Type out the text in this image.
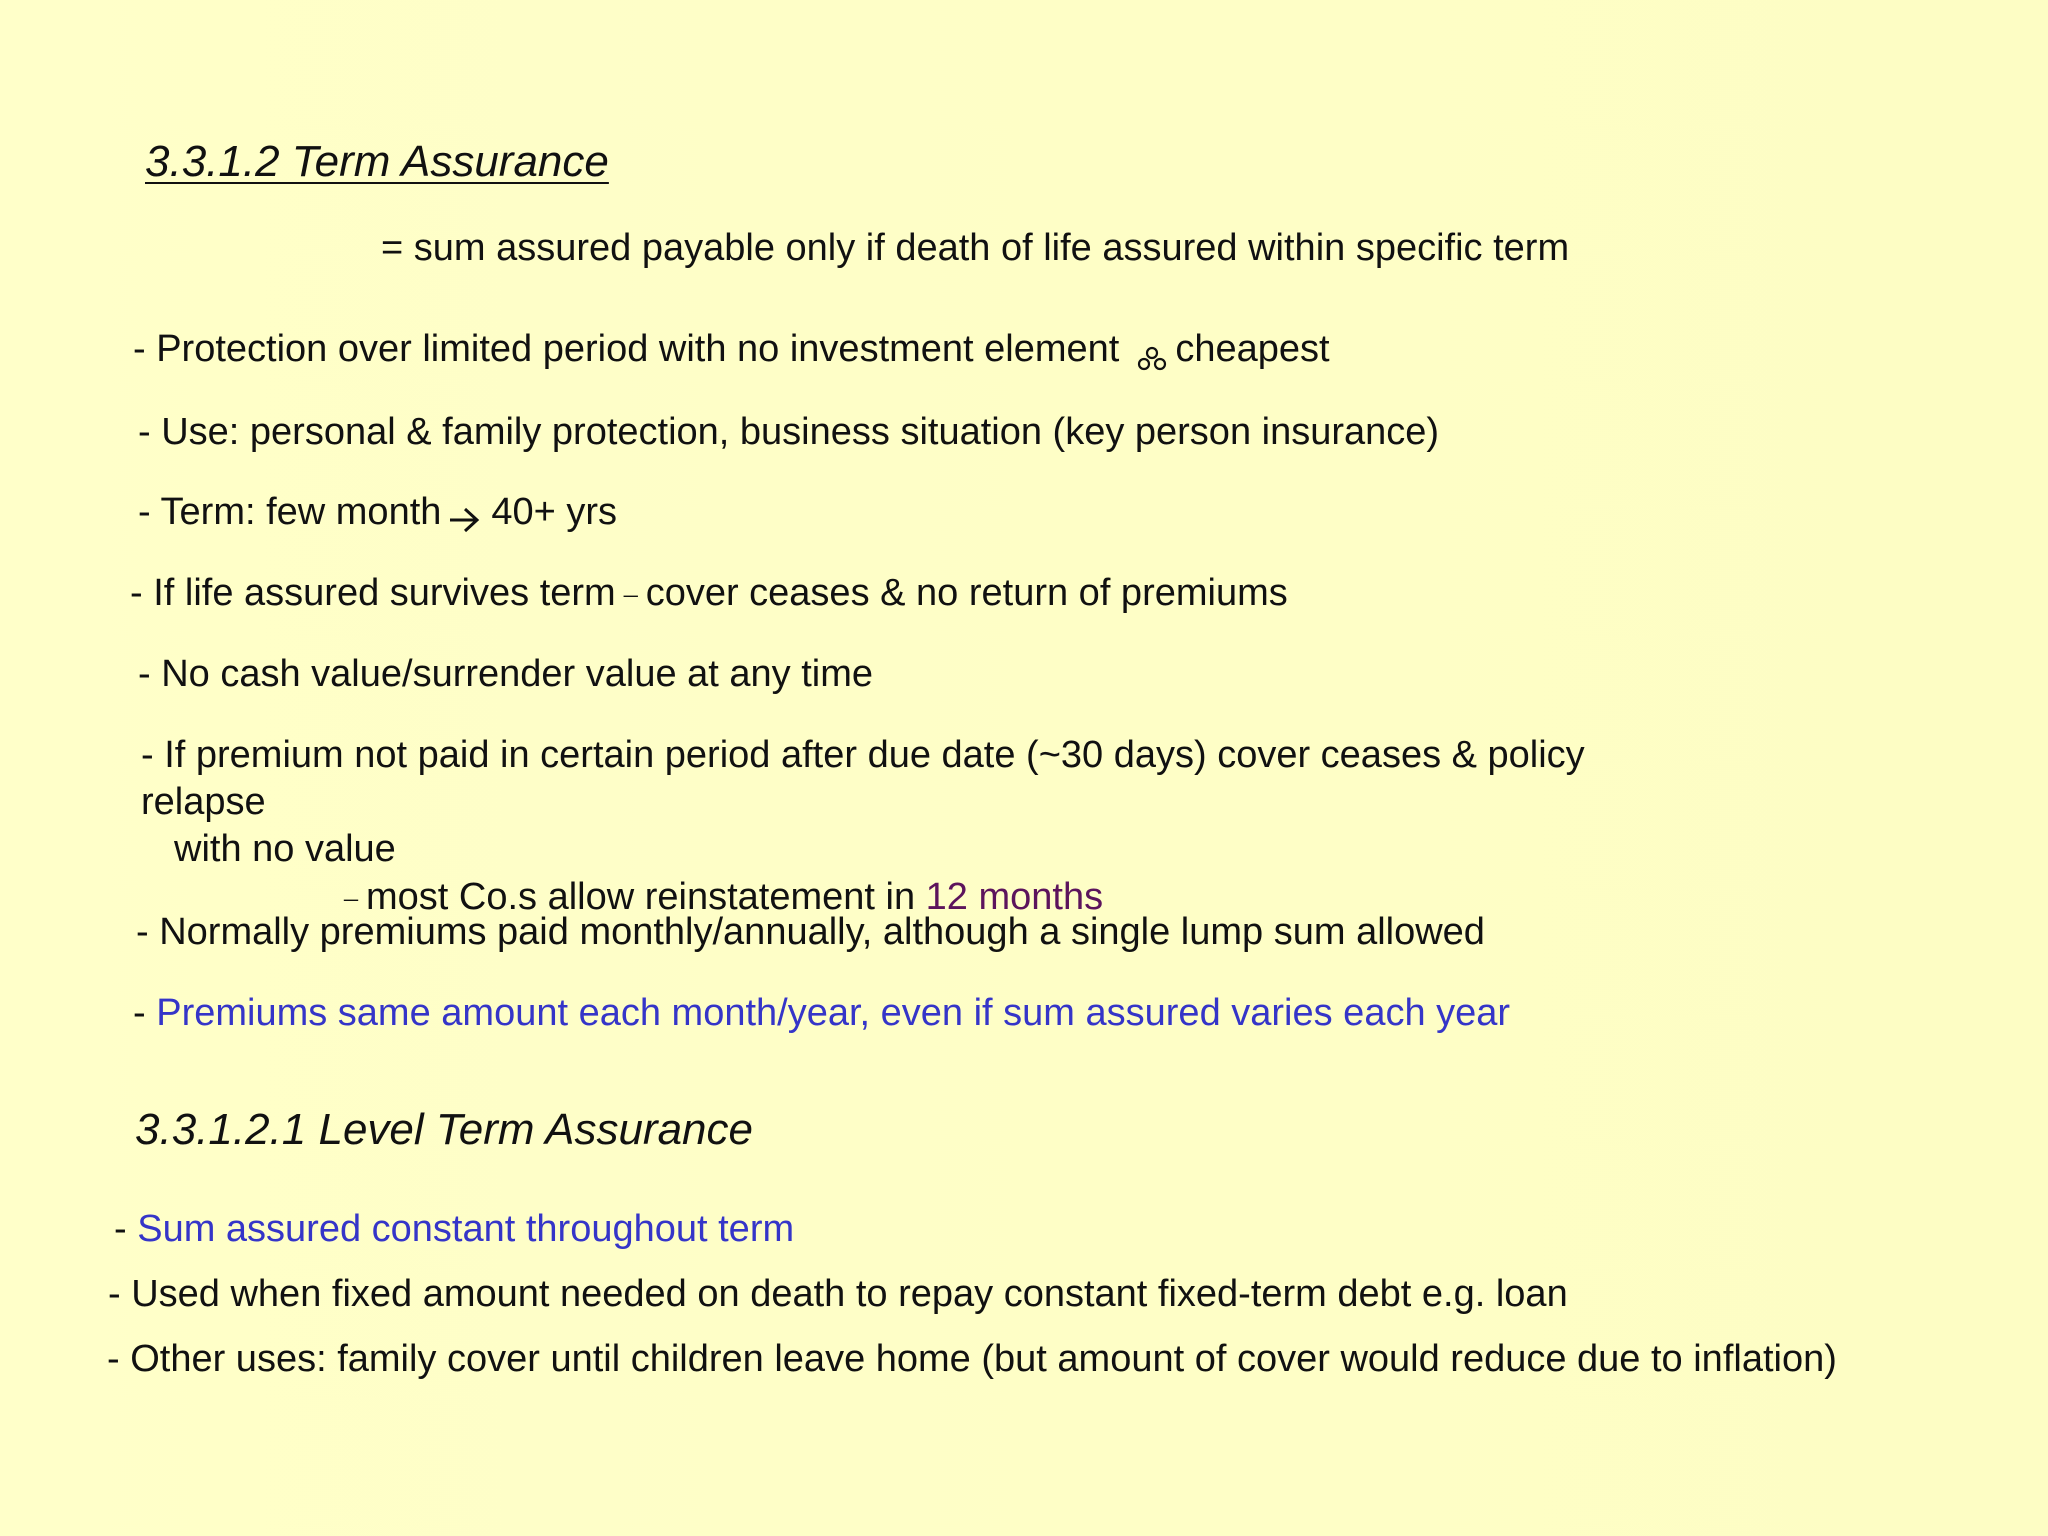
3.3.1.2 Term Assurance
= sum assured payable only if death of life assured within specific term
- Protection over limited period with no investment element cheapest
- Use: personal & family protection, business situation (key person insurance)
- Term: few month 40+ yrs
- If life assured survives term – cover ceases & no return of premiums
- No cash value/surrender value at any time
- If premium not paid in certain period after due date (~30 days) cover ceases & policy
relapse
with no value
– most Co.s allow reinstatement in 12 months
- Normally premiums paid monthly/annually, although a single lump sum allowed
- Premiums same amount each month/year, even if sum assured varies each year
3.3.1.2.1 Level Term Assurance
- Sum assured constant throughout term
- Used when fixed amount needed on death to repay constant fixed-term debt e.g. loan
- Other uses: family cover until children leave home (but amount of cover would reduce due to inflation)
